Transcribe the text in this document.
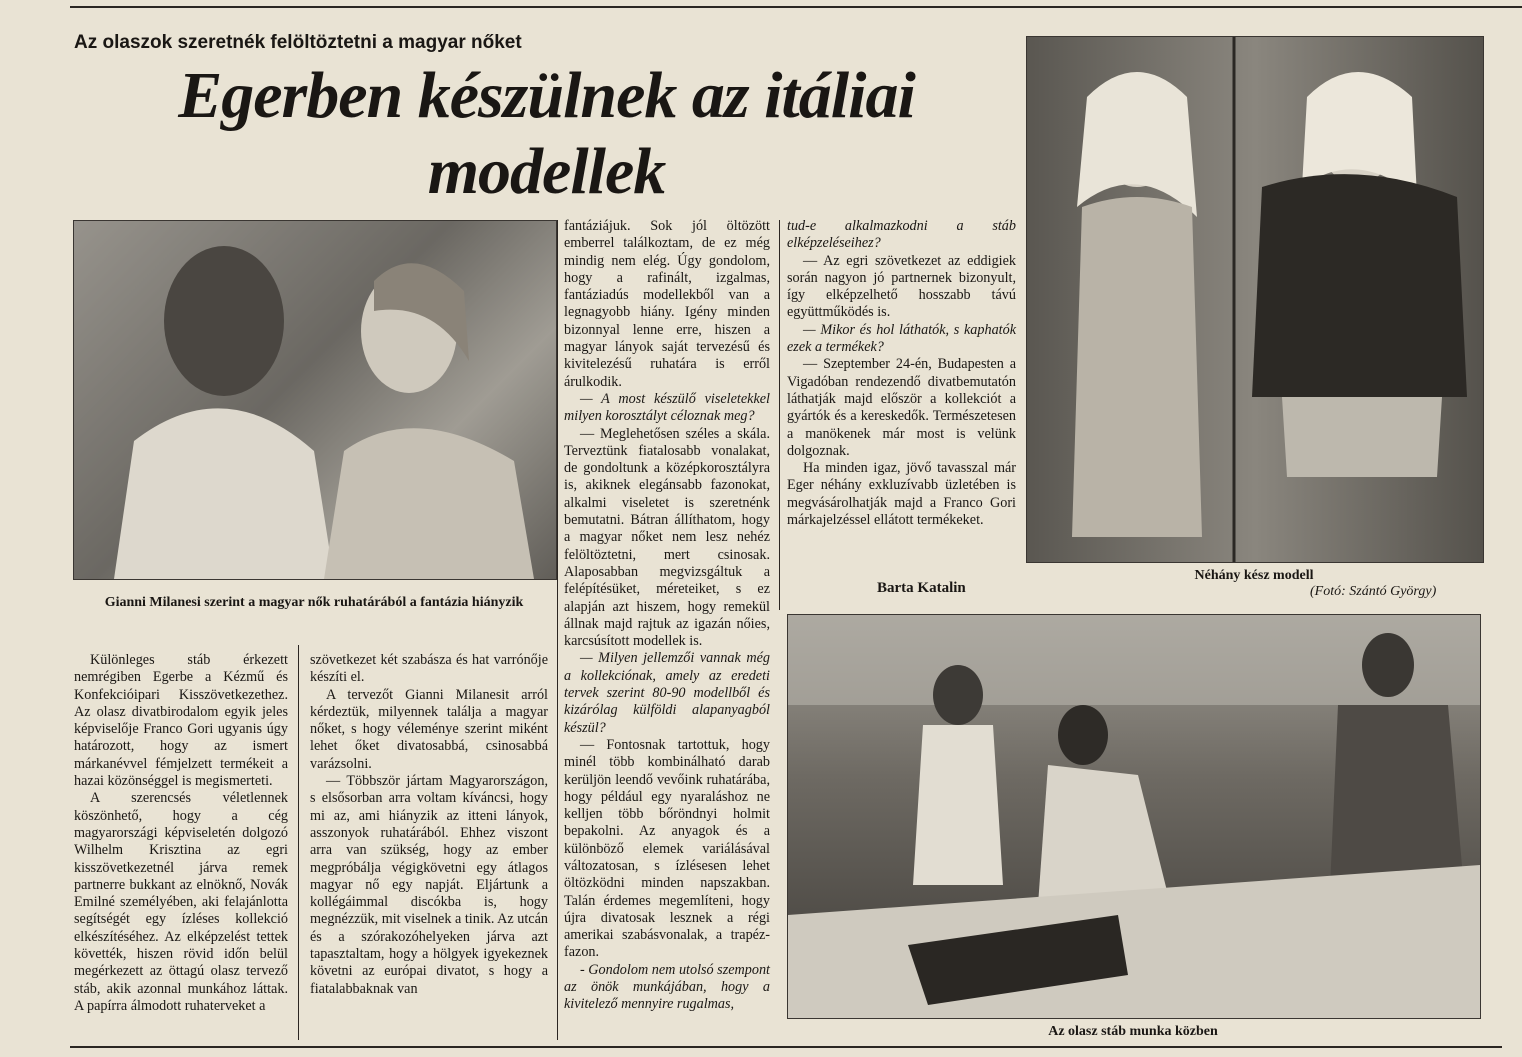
Az olaszok szeretnék felöltöztetni a magyar nőket
Egerben készülnek az itáliai modellek
Gianni Milanesi szerint a magyar nők ruhatárából a fantázia hiányzik
Néhány kész modell
(Fotó: Szántó György)
Az olasz stáb munka közben

Különleges stáb érkezett nemrégiben Egerbe a Kézmű és Konfekcióipari Kisszövetkezethez. Az olasz divatbirodalom egyik jeles képviselője Franco Gori ugyanis úgy határozott, hogy az ismert márkanévvel fémjelzett termékeit a hazai közönséggel is megismerteti.

A szerencsés véletlennek köszönhető, hogy a cég magyarországi képviseletén dolgozó Wilhelm Krisztina az egri kisszövetkezetnél járva remek partnerre bukkant az elnöknő, Novák Emilné személyében, aki felajánlotta segítségét egy ízléses kollekció elkészítéséhez. Az elképzelést tettek követték, hiszen rövid időn belül megérkezett az öttagú olasz tervező stáb, akik azonnal munkához láttak. A papírra álmodott ruhaterveket a

szövetkezet két szabásza és hat varrónője készíti el.

A tervezőt Gianni Milanesit arról kérdeztük, milyennek találja a magyar nőket, s hogy véleménye szerint miként lehet őket divatosabbá, csinosabbá varázsolni.

— Többször jártam Magyarországon, s elsősorban arra voltam kíváncsi, hogy mi az, ami hiányzik az itteni lányok, asszonyok ruhatárából. Ehhez viszont arra van szükség, hogy az ember megpróbálja végigkövetni egy átlagos magyar nő egy napját. Eljártunk a kollégáimmal discókba is, hogy megnézzük, mit viselnek a tinik. Az utcán és a szórakozóhelyeken járva azt tapasztaltam, hogy a hölgyek igyekeznek követni az európai divatot, s hogy a fiatalabbaknak van

fantáziájuk. Sok jól öltözött emberrel találkoztam, de ez még mindig nem elég. Úgy gondolom, hogy a rafinált, izgalmas, fantáziadús modellekből van a legnagyobb hiány. Igény minden bizonnyal lenne erre, hiszen a magyar lányok saját tervezésű és kivitelezésű ruhatára is erről árulkodik.

— A most készülő viseletekkel milyen korosztályt céloznak meg?

— Meglehetősen széles a skála. Terveztünk fiatalosabb vonalakat, de gondoltunk a középkorosztályra is, akiknek elegánsabb fazonokat, alkalmi viseletet is szeretnénk bemutatni. Bátran állíthatom, hogy a magyar nőket nem lesz nehéz felöltöztetni, mert csinosak. Alaposabban megvizsgáltuk a felépítésüket, méreteiket, s ez alapján azt hiszem, hogy remekül állnak majd rajtuk az igazán nőies, karcsúsított modellek is.

— Milyen jellemzői vannak még a kollekciónak, amely az eredeti tervek szerint 80-90 modellből és kizárólag külföldi alapanyagból készül?

— Fontosnak tartottuk, hogy minél több kombinálható darab kerüljön leendő vevőink ruhatárába, hogy például egy nyaraláshoz ne kelljen több bőröndnyi holmit bepakolni. Az anyagok és a különböző elemek variálásával változatosan, s ízlésesen lehet öltözködni minden napszakban. Talán érdemes megemlíteni, hogy újra divatosak lesznek a régi amerikai szabásvonalak, a trapéz-fazon.

- Gondolom nem utolsó szempont az önök munkájában, hogy a kivitelező mennyire rugalmas,

tud-e alkalmazkodni a stáb elképzeléseihez?

— Az egri szövetkezet az eddigiek során nagyon jó partnernek bizonyult, így elképzelhető hosszabb távú együttműködés is.

— Mikor és hol láthatók, s kaphatók ezek a termékek?

— Szeptember 24-én, Budapesten a Vigadóban rendezendő divatbemutatón láthatják majd először a kollekciót a gyártók és a kereskedők. Természetesen a manökenek már most is velünk dolgoznak.

Ha minden igaz, jövő tavasszal már Eger néhány exkluzívabb üzletében is megvásárolhatják majd a Franco Gori márkajelzéssel ellátott termékeket.

Barta Katalin
